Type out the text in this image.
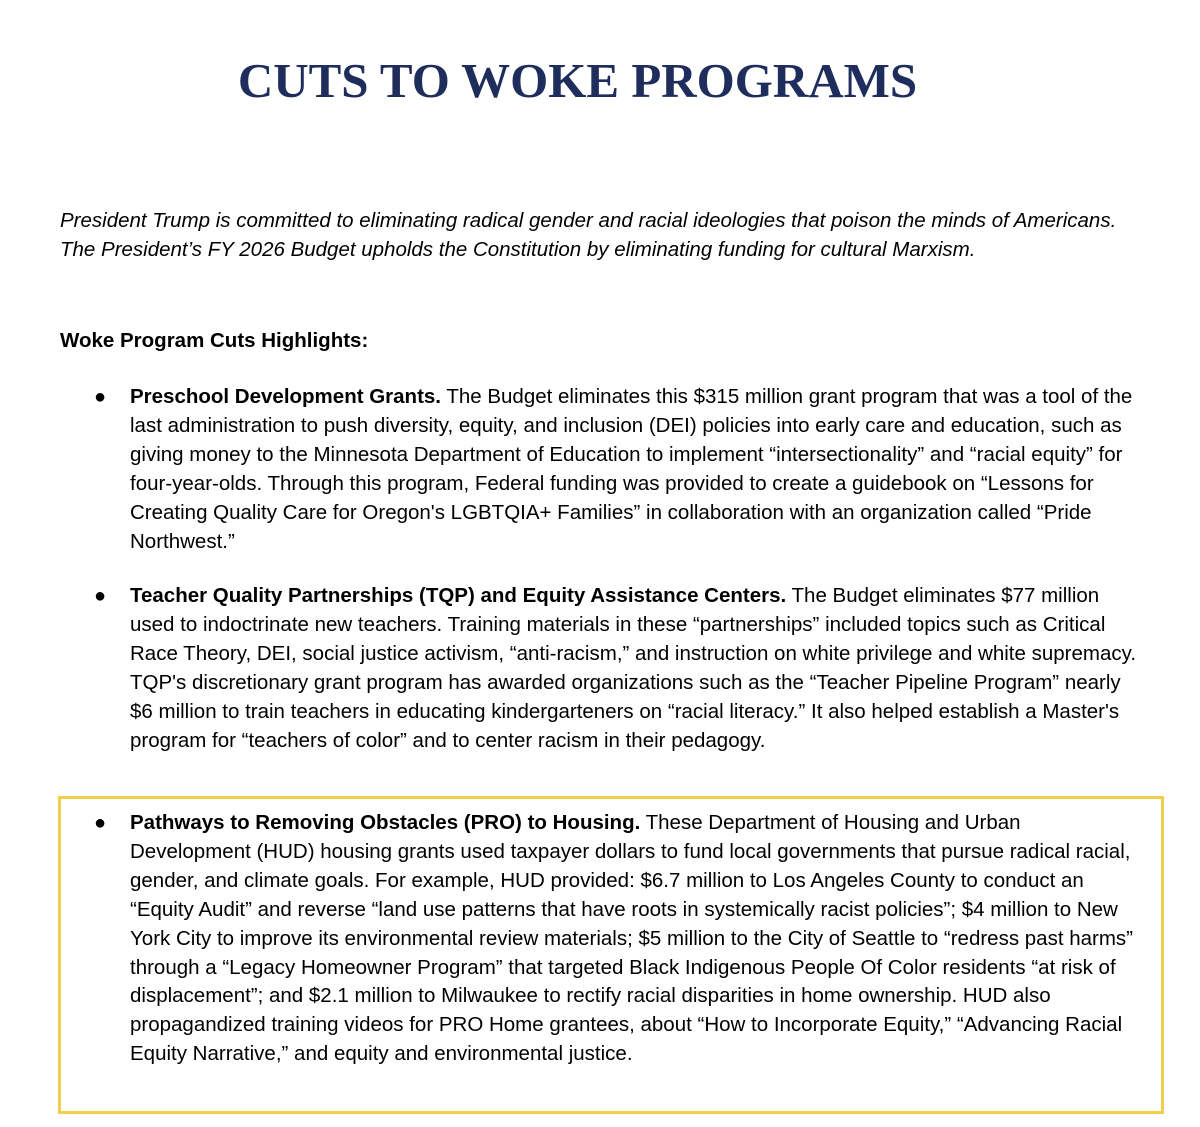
CUTS TO WOKE PROGRAMS

President Trump is committed to eliminating radical gender and racial ideologies that poison the minds of Americans. The President’s FY 2026 Budget upholds the Constitution by eliminating funding for cultural Marxism.

Woke Program Cuts Highlights:

● Preschool Development Grants. The Budget eliminates this $315 million grant program that was a tool of the last administration to push diversity, equity, and inclusion (DEI) policies into early care and education, such as giving money to the Minnesota Department of Education to implement “intersectionality” and “racial equity” for four-year-olds. Through this program, Federal funding was provided to create a guidebook on “Lessons for Creating Quality Care for Oregon's LGBTQIA+ Families” in collaboration with an organization called “Pride Northwest.”
● Teacher Quality Partnerships (TQP) and Equity Assistance Centers. The Budget eliminates $77 million used to indoctrinate new teachers. Training materials in these “partnerships” included topics such as Critical Race Theory, DEI, social justice activism, “anti-racism,” and instruction on white privilege and white supremacy. TQP's discretionary grant program has awarded organizations such as the “Teacher Pipeline Program” nearly $6 million to train teachers in educating kindergarteners on “racial literacy.” It also helped establish a Master's program for “teachers of color” and to center racism in their pedagogy.
● Pathways to Removing Obstacles (PRO) to Housing. These Department of Housing and Urban Development (HUD) housing grants used taxpayer dollars to fund local governments that pursue radical racial, gender, and climate goals. For example, HUD provided: $6.7 million to Los Angeles County to conduct an “Equity Audit” and reverse “land use patterns that have roots in systemically racist policies”; $4 million to New York City to improve its environmental review materials; $5 million to the City of Seattle to “redress past harms” through a “Legacy Homeowner Program” that targeted Black Indigenous People Of Color residents “at risk of displacement”; and $2.1 million to Milwaukee to rectify racial disparities in home ownership. HUD also propagandized training videos for PRO Home grantees, about “How to Incorporate Equity,” “Advancing Racial Equity Narrative,” and equity and environmental justice.
